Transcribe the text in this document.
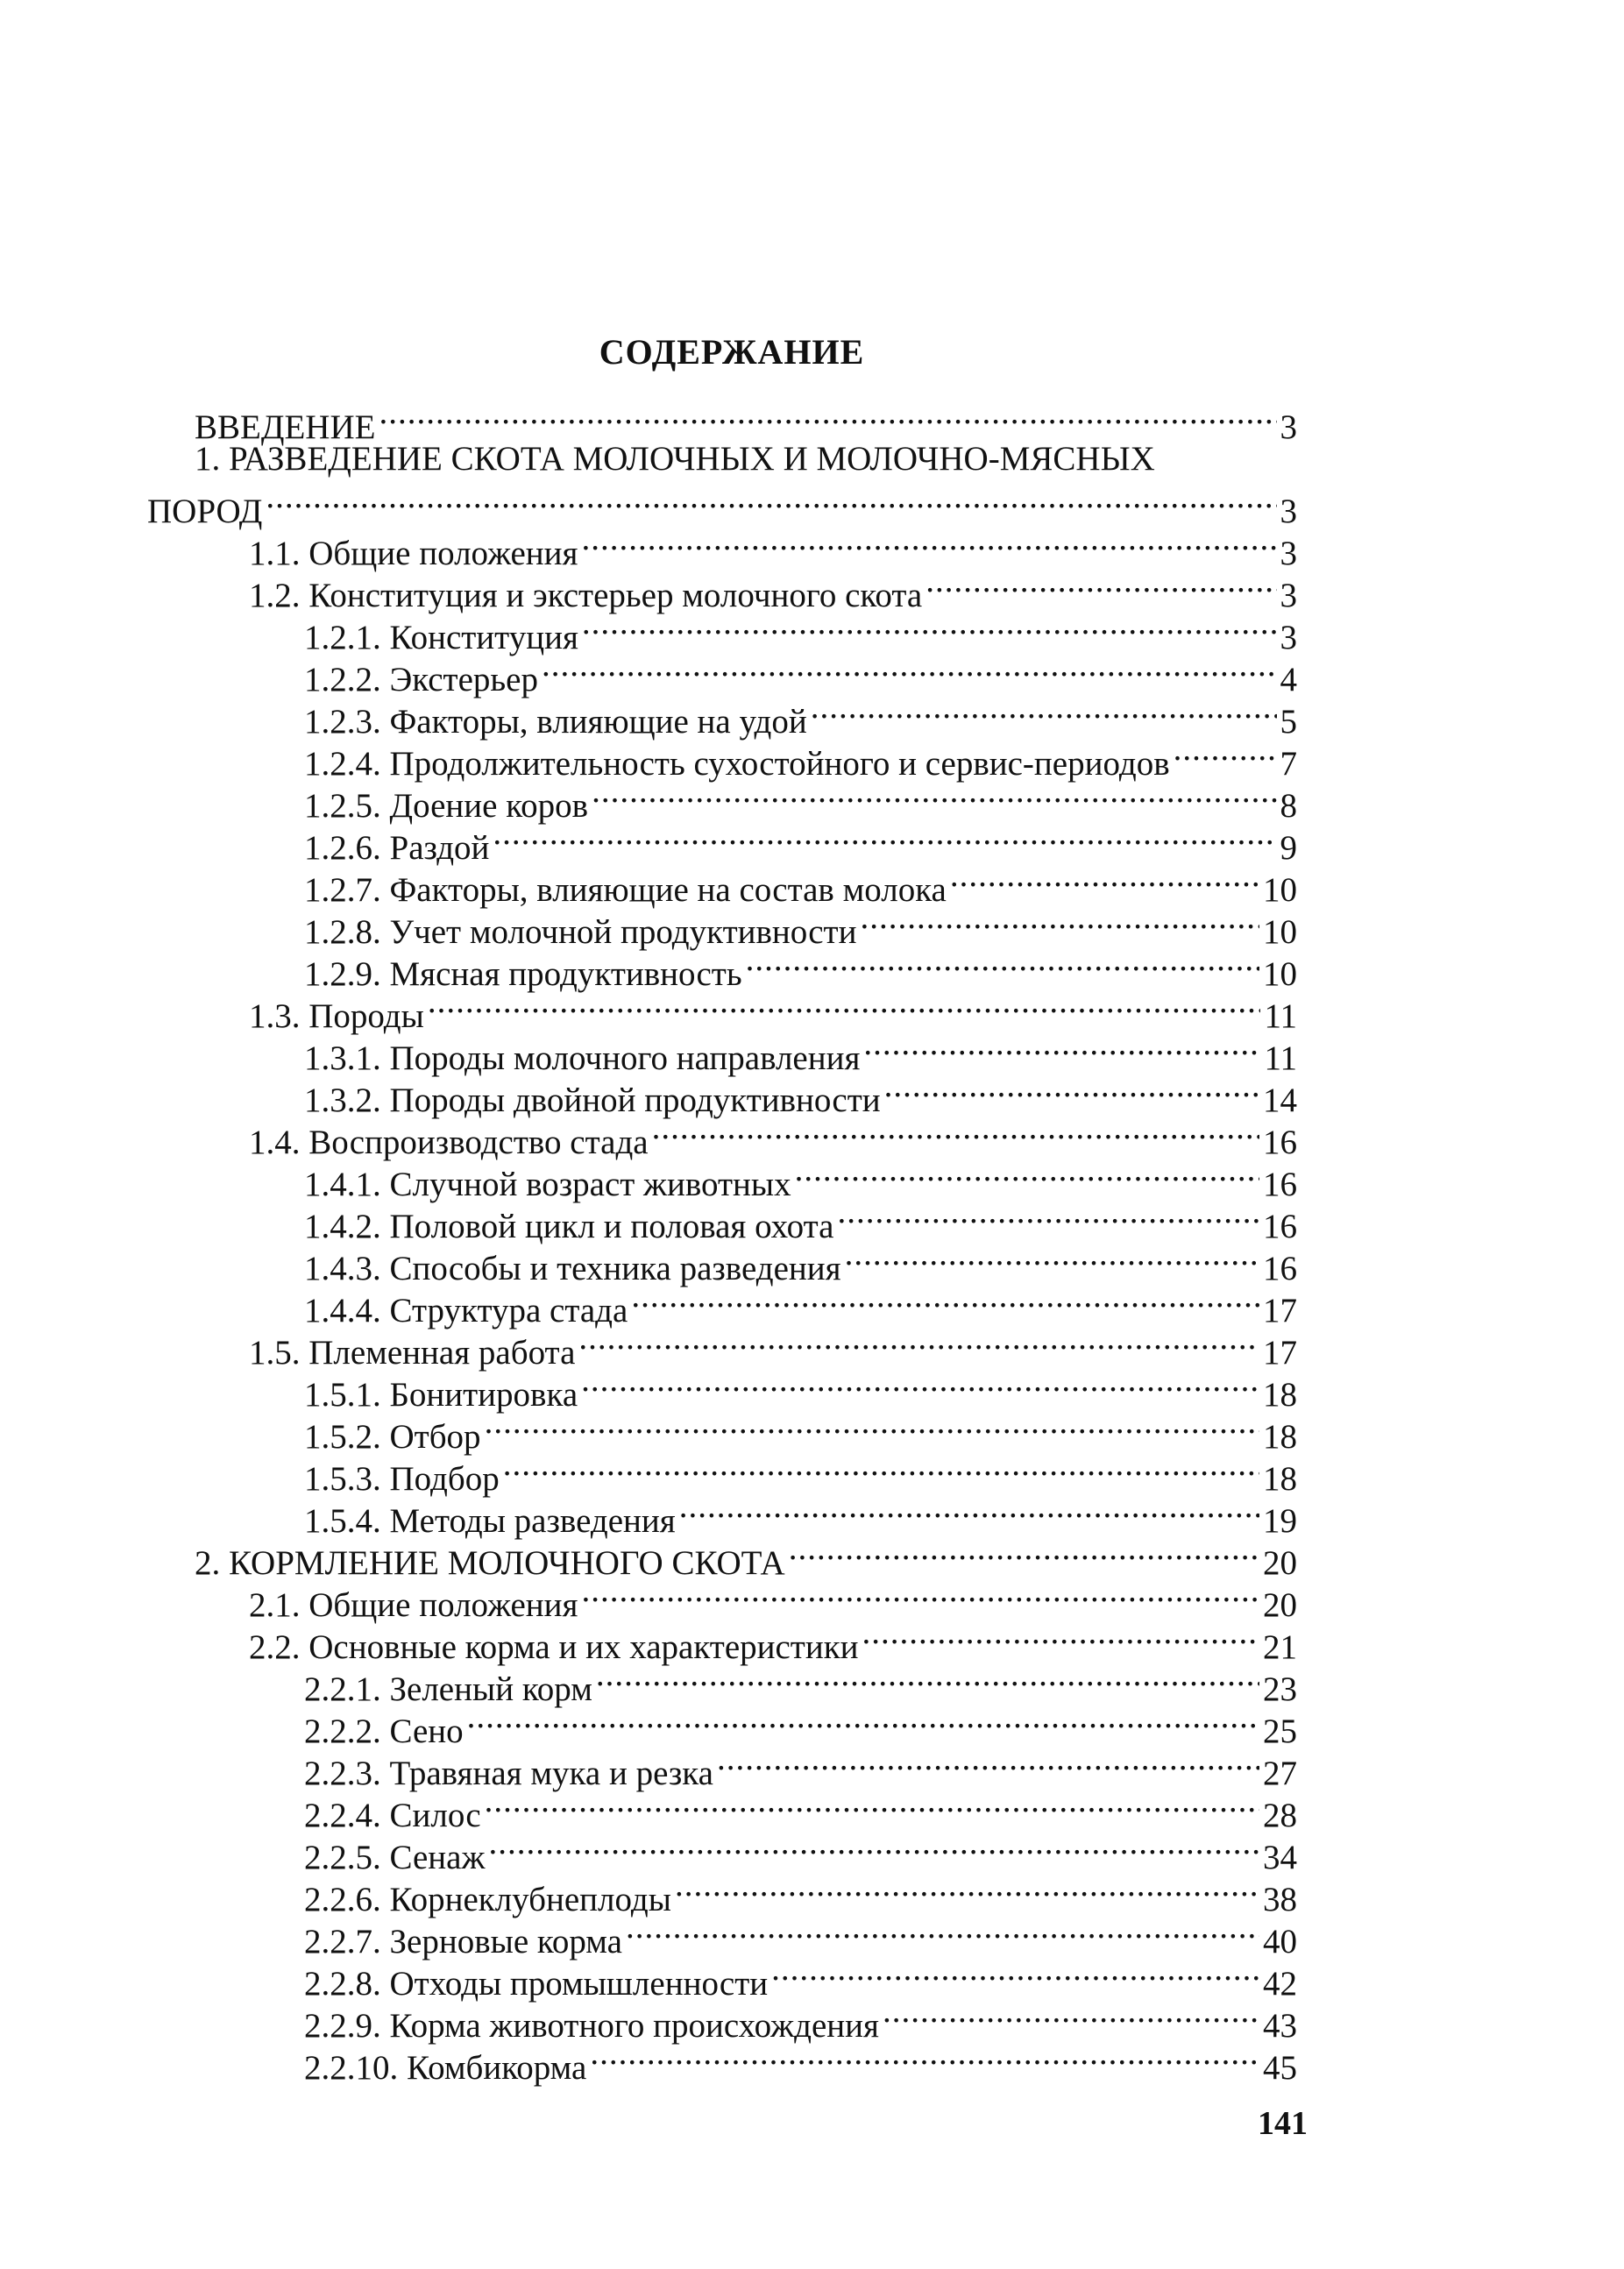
СОДЕРЖАНИЕ
ВВЕДЕНИЕ .....	3
1. РАЗВЕДЕНИЕ СКОТА МОЛОЧНЫХ И МОЛОЧНО-МЯСНЫХ
ПОРОД .....	3
1.1. Общие положения .....	3
1.2. Конституция и экстерьер молочного скота .....	3
1.2.1. Конституция .....	3
1.2.2. Экстерьер .....	4
1.2.3. Факторы, влияющие на удой .....	5
1.2.4. Продолжительность сухостойного и сервис-периодов .....	7
1.2.5. Доение коров .....	8
1.2.6. Раздой .....	9
1.2.7. Факторы, влияющие на состав молока .....	10
1.2.8. Учет молочной продуктивности .....	10
1.2.9. Мясная продуктивность .....	10
1.3. Породы .....	11
1.3.1. Породы молочного направления .....	11
1.3.2. Породы двойной продуктивности .....	14
1.4. Воспроизводство стада .....	16
1.4.1. Случной возраст животных .....	16
1.4.2. Половой цикл и половая охота .....	16
1.4.3. Способы и техника разведения .....	16
1.4.4. Структура стада .....	17
1.5. Племенная работа .....	17
1.5.1. Бонитировка .....	18
1.5.2. Отбор .....	18
1.5.3. Подбор .....	18
1.5.4. Методы разведения .....	19
2. КОРМЛЕНИЕ МОЛОЧНОГО СКОТА .....	20
2.1. Общие положения .....	20
2.2. Основные корма и их характеристики .....	21
2.2.1. Зеленый корм .....	23
2.2.2. Сено .....	25
2.2.3. Травяная мука и резка .....	27
2.2.4. Силос .....	28
2.2.5. Сенаж .....	34
2.2.6. Корнеклубнеплоды .....	38
2.2.7. Зерновые корма .....	40
2.2.8. Отходы промышленности .....	42
2.2.9. Корма животного происхождения .....	43
2.2.10. Комбикорма .....	45
141
